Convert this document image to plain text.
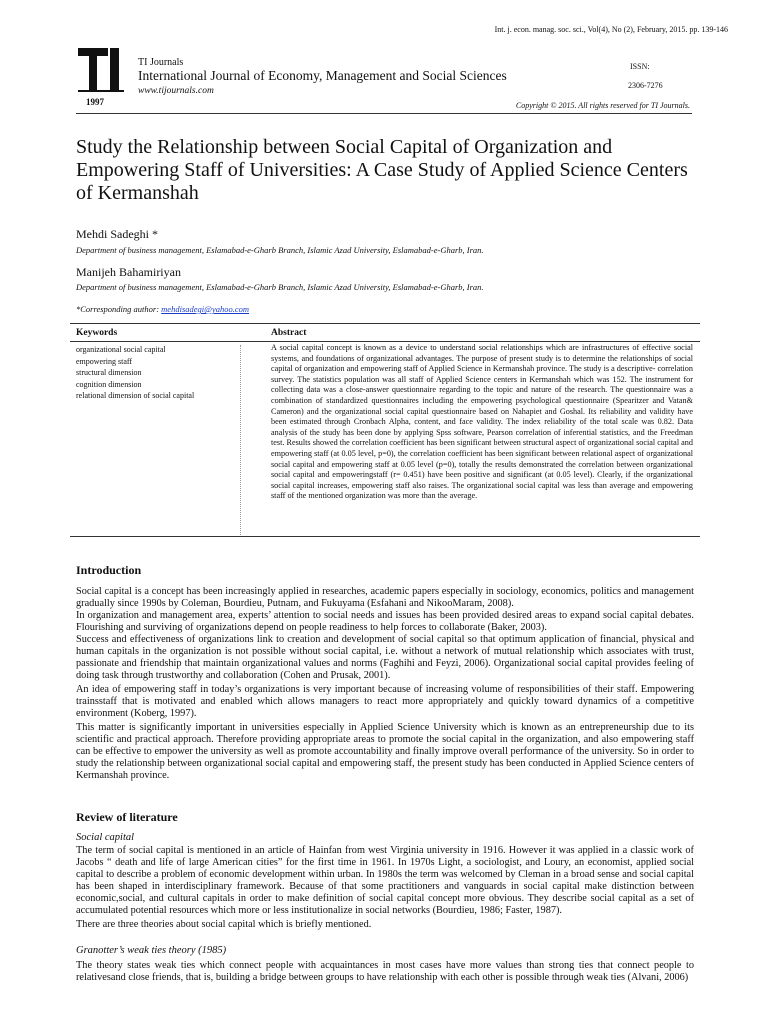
Int. j. econ. manag. soc. sci., Vol(4), No (2), February, 2015. pp. 139-146
1997
TI Journals
International Journal of Economy, Management and Social Sciences
www.tijournals.com
ISSN:
2306-7276
Copyright © 2015. All rights reserved for TI Journals.
Study the Relationship between Social Capital of Organization and Empowering Staff of Universities: A Case Study of Applied Science Centers of Kermanshah
Mehdi Sadeghi *
Department of business management, Eslamabad-e-Gharb Branch, Islamic Azad University, Eslamabad-e-Gharb, Iran.
Manijeh Bahamiriyan
Department of business management, Eslamabad-e-Gharb Branch, Islamic Azad University, Eslamabad-e-Gharb, Iran.
*Corresponding author: mehdisadegi@yahoo.com
Keywords	Abstract
organizational social capital
empowering staff
structural dimension
cognition dimension
relational dimension of social capital
A social capital concept is known as a device to understand social relationships which are infrastructures of effective social systems, and foundations of organizational advantages. The purpose of present study is to determine the relationships of social capital of organization and empowering staff of Applied Science in Kermanshah province. The study is a descriptive- correlation survey. The statistics population was all staff of Applied Science centers in Kermanshah which was 152. The instrument for collecting data was a close-answer questionnaire regarding to the topic and nature of the research. The questionnaire was a combination of standardized questionnaires including the empowering psychological questionnaire (Spearitzer and Vatan& Cameron) and the organizational social capital questionnaire based on Nahapiet and Goshal. Its reliability and validity have been estimated through Cronbach Alpha, content, and face validity. The index reliability of the total scale was 0.82. Data analysis of the study has been done by applying Spss software, Pearson correlation of inferential statistics, and the Freedman test. Results showed the correlation coefficient has been significant between structural aspect of organizational social capital and empowering staff (at 0.05 level, p=0), the correlation coefficient has been significant between relational aspect of organizational social capital and empowering staff at 0.05 level (p=0), totally the results demonstrated the correlation between organizational social capital and empoweringstaff (r= 0.451) have been positive and significant (at 0.05 level). Clearly, if the organizational social capital increases, empowering staff also raises. The organizational social capital was less than average and empowering staff of the mentioned organization was more than the average.
Introduction
Social capital is a concept has been increasingly applied in researches, academic papers especially in sociology, economics, politics and management gradually since 1990s by Coleman, Bourdieu, Putnam, and Fukuyama (Esfahani and NikooMaram, 2008).
In organization and management area, experts’ attention to social needs and issues has been provided desired areas to expand social capital debates. Flourishing and surviving of organizations depend on people readiness to help forces to collaborate (Baker, 2003).
Success and effectiveness of organizations link to creation and development of social capital so that optimum application of financial, physical and human capitals in the organization is not possible without social capital, i.e. without a network of mutual relationship which associates with trust, passionate and friendship that maintain organizational values and norms (Faghihi and Feyzi, 2006). Organizational social capital provides feeling of doing task through trustworthy and collaboration (Cohen and Prusak, 2001).
An idea of empowering staff in today’s organizations is very important because of increasing volume of responsibilities of their staff. Empowering trainsstaff that is motivated and enabled which allows managers to react more appropriately and quickly toward dynamics of a competitive environment (Koberg, 1997).
This matter is significantly important in universities especially in Applied Science University which is known as an entrepreneurship due to its scientific and practical approach. Therefore providing appropriate areas to promote the social capital in the organization, and also empowering staff can be effective to empower the university as well as promote accountability and finally improve overall performance of the university. So in order to study the relationship between organizational social capital and empowering staff, the present study has been conducted in Applied Science centers of Kermanshah province.
Review of literature
Social capital
The term of social capital is mentioned in an article of Hainfan from west Virginia university in 1916. However it was applied in a classic work of Jacobs “ death and life of large American cities” for the first time in 1961. In 1970s Light, a sociologist, and Loury, an economist, applied social capital to describe a problem of economic development within urban. In 1980s the term was welcomed by Cleman in a broad sense and social capital has been shaped in interdisciplinary framework. Because of that some practitioners and vanguards in social capital make distinction between economic,social, and cultural capitals in order to make definition of social capital concept more obvious. They describe social capital as a set of accumulated potential resources which more or less institutionalize in social networks (Bourdieu, 1986; Faster, 1987).
There are three theories about social capital which is briefly mentioned.
Granotter’s weak ties theory (1985)
The theory states weak ties which connect people with acquaintances in most cases have more values than strong ties that connect people to relativesand close friends, that is, building a bridge between groups to have relationship with each other is possible through weak ties (Alvani, 2006)
